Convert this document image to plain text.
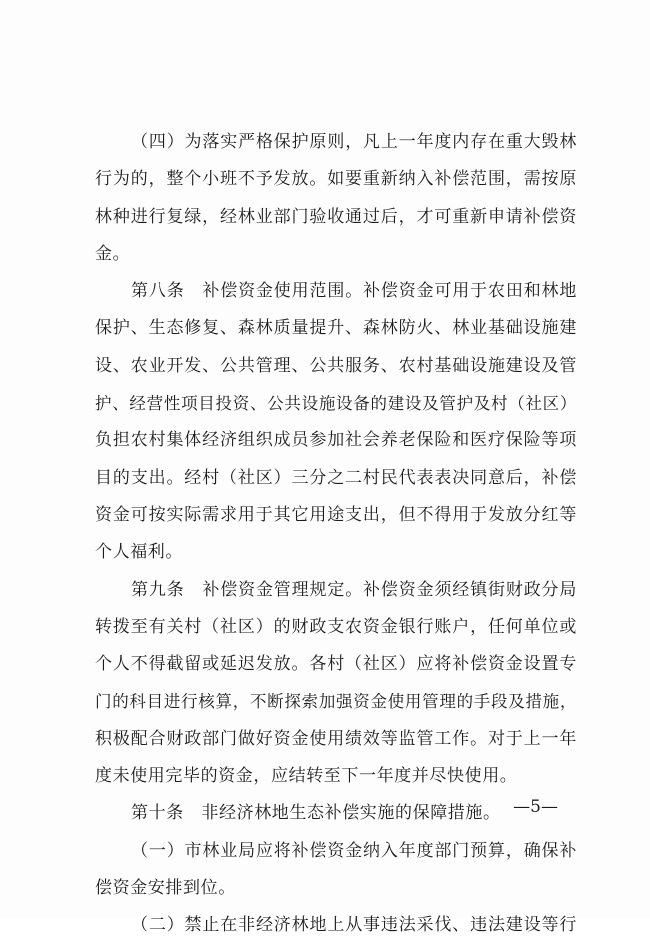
（四）为落实严格保护原则，凡上一年度内存在重大毁林
行为的，整个小班不予发放。如要重新纳入补偿范围，需按原
林种进行复绿，经林业部门验收通过后，才可重新申请补偿资
金。
第八条　补偿资金使用范围。补偿资金可用于农田和林地
保护、生态修复、森林质量提升、森林防火、林业基础设施建
设、农业开发、公共管理、公共服务、农村基础设施建设及管
护、经营性项目投资、公共设施设备的建设及管护及村（社区）
负担农村集体经济组织成员参加社会养老保险和医疗保险等项
目的支出。经村（社区）三分之二村民代表表决同意后，补偿
资金可按实际需求用于其它用途支出，但不得用于发放分红等
个人福利。
第九条　补偿资金管理规定。补偿资金须经镇街财政分局
转拨至有关村（社区）的财政支农资金银行账户，任何单位或
个人不得截留或延迟发放。各村（社区）应将补偿资金设置专
门的科目进行核算，不断探索加强资金使用管理的手段及措施，
积极配合财政部门做好资金使用绩效等监管工作。对于上一年
度未使用完毕的资金，应结转至下一年度并尽快使用。
第十条　非经济林地生态补偿实施的保障措施。
（一）市林业局应将补偿资金纳入年度部门预算，确保补
偿资金安排到位。
（二）禁止在非经济林地上从事违法采伐、违法建设等行
—5—
